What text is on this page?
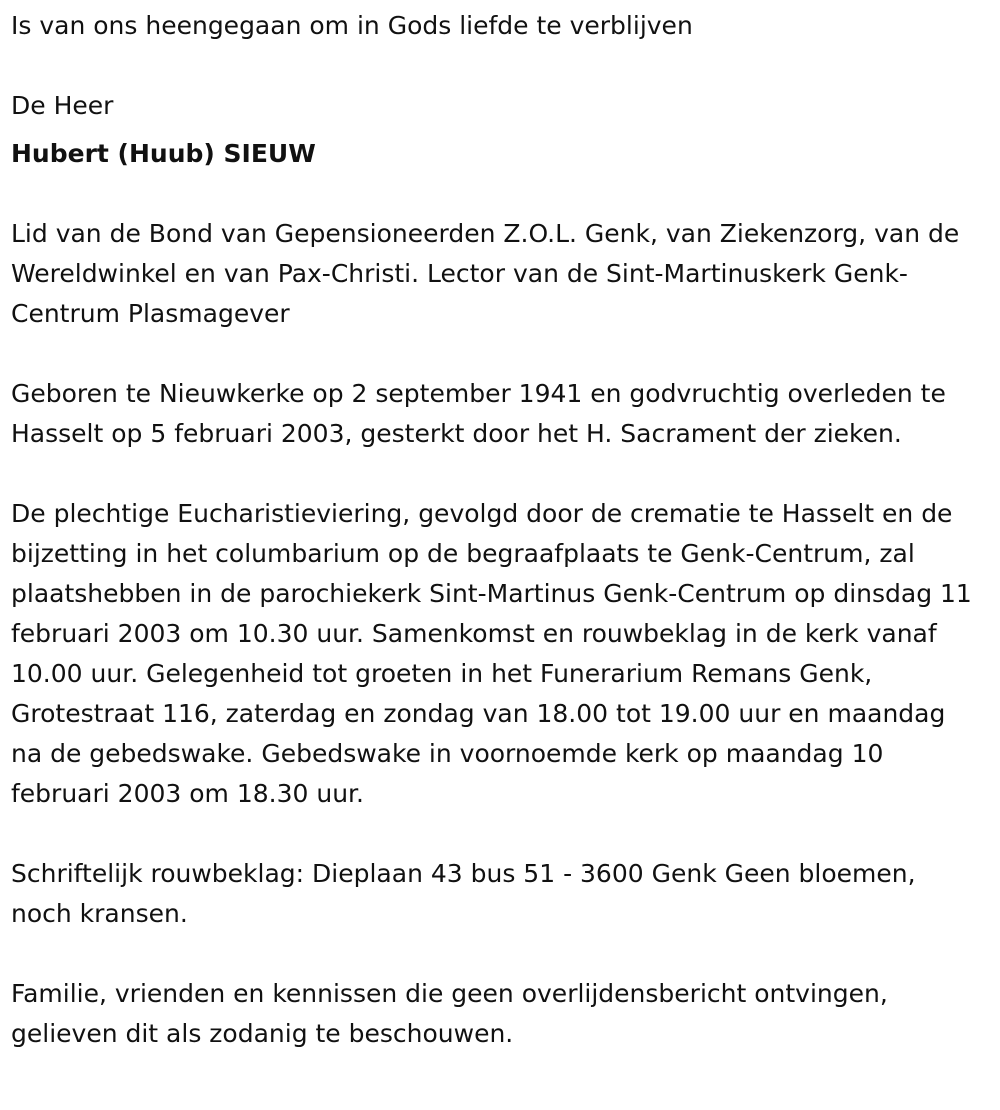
Is van ons heengegaan om in Gods liefde te verblijven

De Heer

Hubert (Huub) SIEUW

Lid van de Bond van Gepensioneerden Z.O.L. Genk, van Ziekenzorg, van de Wereldwinkel en van Pax-Christi. Lector van de Sint-Martinuskerk Genk-Centrum Plasmagever

Geboren te Nieuwkerke op 2 september 1941 en godvruchtig overleden te Hasselt op 5 februari 2003, gesterkt door het H. Sacrament der zieken.

De plechtige Eucharistieviering, gevolgd door de crematie te Hasselt en de bijzetting in het columbarium op de begraafplaats te Genk-Centrum, zal plaatshebben in de parochiekerk Sint-Martinus Genk-Centrum op dinsdag 11 februari 2003 om 10.30 uur. Samenkomst en rouwbeklag in de kerk vanaf 10.00 uur. Gelegenheid tot groeten in het Funerarium Remans Genk, Grotestraat 116, zaterdag en zondag van 18.00 tot 19.00 uur en maandag na de gebedswake. Gebedswake in voornoemde kerk op maandag 10 februari 2003 om 18.30 uur.

Schriftelijk rouwbeklag: Dieplaan 43 bus 51 - 3600 Genk Geen bloemen, noch kransen.

Familie, vrienden en kennissen die geen overlijdensbericht ontvingen, gelieven dit als zodanig te beschouwen.
